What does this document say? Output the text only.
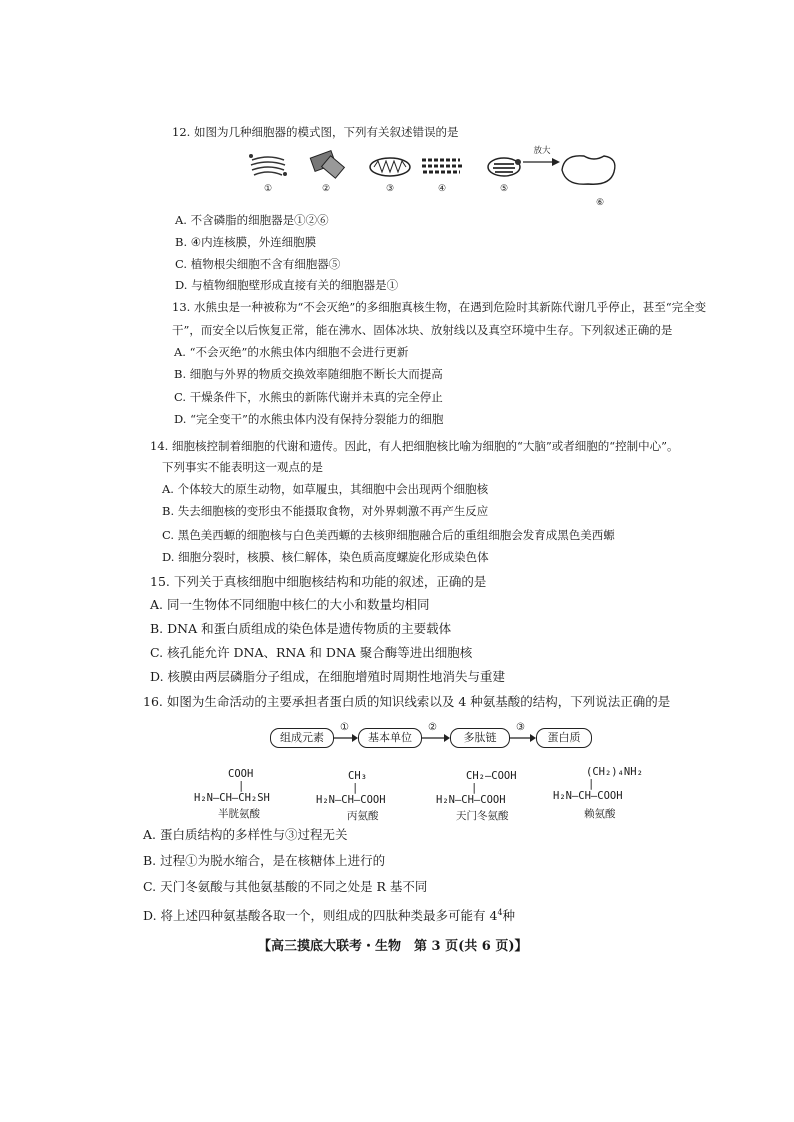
12. 如图为几种细胞器的模式图，下列有关叙述错误的是
①	②	③	④	⑤
⑥
放大
A. 不含磷脂的细胞器是①②⑥
B. ④内连核膜，外连细胞膜
C. 植物根尖细胞不含有细胞器⑤
D. 与植物细胞壁形成直接有关的细胞器是①
13. 水熊虫是一种被称为“不会灭绝”的多细胞真核生物，在遇到危险时其新陈代谢几乎停止，甚至“完全变
干”，而安全以后恢复正常，能在沸水、固体冰块、放射线以及真空环境中生存。下列叙述正确的是
A. “不会灭绝”的水熊虫体内细胞不会进行更新
B. 细胞与外界的物质交换效率随细胞不断长大而提高
C. 干燥条件下，水熊虫的新陈代谢并未真的完全停止
D. “完全变干”的水熊虫体内没有保持分裂能力的细胞
14. 细胞核控制着细胞的代谢和遗传。因此，有人把细胞核比喻为细胞的“大脑”或者细胞的“控制中心”。
下列事实不能表明这一观点的是
A. 个体较大的原生动物，如草履虫，其细胞中会出现两个细胞核
B. 失去细胞核的变形虫不能摄取食物，对外界刺激不再产生反应
C. 黑色美西螈的细胞核与白色美西螈的去核卵细胞融合后的重组细胞会发育成黑色美西螈
D. 细胞分裂时，核膜、核仁解体，染色质高度螺旋化形成染色体
15. 下列关于真核细胞中细胞核结构和功能的叙述，正确的是
A. 同一生物体不同细胞中核仁的大小和数量均相同
B. DNA 和蛋白质组成的染色体是遗传物质的主要载体
C. 核孔能允许 DNA、RNA 和 DNA 聚合酶等进出细胞核
D. 核膜由两层磷脂分子组成，在细胞增殖时周期性地消失与重建
16. 如图为生命活动的主要承担者蛋白质的知识线索以及 4 种氨基酸的结构，下列说法正确的是
组成元素
①
基本单位
②
多肽链
③
蛋白质
COOH
|
H₂N—CH—CH₂SH
半胱氨酸
CH₃
|
H₂N—CH—COOH
丙氨酸
CH₂—COOH
|
H₂N—CH—COOH
天门冬氨酸
(CH₂)₄NH₂
|
H₂N—CH—COOH
赖氨酸
A. 蛋白质结构的多样性与③过程无关
B. 过程①为脱水缩合，是在核糖体上进行的
C. 天门冬氨酸与其他氨基酸的不同之处是 R 基不同
D. 将上述四种氨基酸各取一个，则组成的四肽种类最多可能有 $4^4$种
【高三摸底大联考・生物　第 3 页(共 6 页)】
